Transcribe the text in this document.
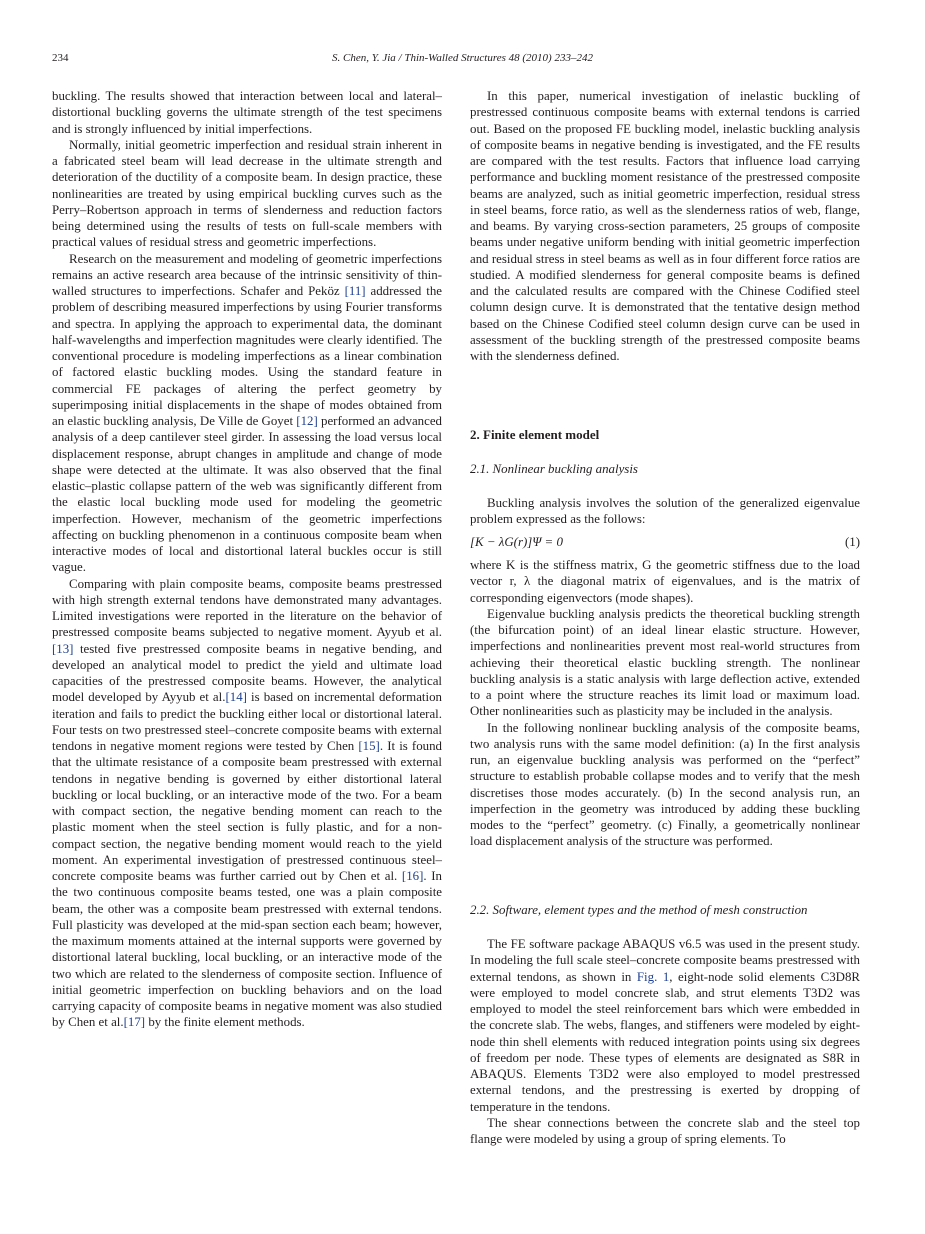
234	S. Chen, Y. Jia / Thin-Walled Structures 48 (2010) 233–242

buckling. The results showed that interaction between local and lateral–distortional buckling governs the ultimate strength of the test specimens and is strongly influenced by initial imperfections.

Normally, initial geometric imperfection and residual strain inherent in a fabricated steel beam will lead decrease in the ultimate strength and deterioration of the ductility of a composite beam. In design practice, these nonlinearities are treated by using empirical buckling curves such as the Perry–Robertson approach in terms of slenderness and reduction factors being determined using the results of tests on full-scale members with practical values of residual stress and geometric imperfections.

Research on the measurement and modeling of geometric imperfections remains an active research area because of the intrinsic sensitivity of thin-walled structures to imperfections. Schafer and Peköz [11] addressed the problem of describing measured imperfections by using Fourier transforms and spectra. In applying the approach to experimental data, the dominant half-wavelengths and imperfection magnitudes were clearly identified. The conventional procedure is modeling imperfections as a linear combination of factored elastic buckling modes. Using the standard feature in commercial FE packages of altering the perfect geometry by superimposing initial displacements in the shape of modes obtained from an elastic buckling analysis, De Ville de Goyet [12] performed an advanced analysis of a deep cantilever steel girder. In assessing the load versus local displacement response, abrupt changes in amplitude and change of mode shape were detected at the ultimate. It was also observed that the final elastic–plastic collapse pattern of the web was significantly different from the elastic local buckling mode used for modeling the geometric imperfection. However, mechanism of the geometric imperfections affecting on buckling phenomenon in a continuous composite beam when interactive modes of local and distortional lateral buckles occur is still vague.

Comparing with plain composite beams, composite beams prestressed with high strength external tendons have demonstrated many advantages. Limited investigations were reported in the literature on the behavior of prestressed composite beams subjected to negative moment. Ayyub et al.[13] tested five prestressed composite beams in negative bending, and developed an analytical model to predict the yield and ultimate load capacities of the prestressed composite beams. However, the analytical model developed by Ayyub et al.[14] is based on incremental deformation iteration and fails to predict the buckling either local or distortional lateral. Four tests on two prestressed steel–concrete composite beams with external tendons in negative moment regions were tested by Chen [15]. It is found that the ultimate resistance of a composite beam prestressed with external tendons in negative bending is governed by either distortional lateral buckling or local buckling, or an interactive mode of the two. For a beam with compact section, the negative bending moment can reach to the plastic moment when the steel section is fully plastic, and for a non-compact section, the negative bending moment would reach to the yield moment. An experimental investigation of prestressed continuous steel–concrete composite beams was further carried out by Chen et al. [16]. In the two continuous composite beams tested, one was a plain composite beam, the other was a composite beam prestressed with external tendons. Full plasticity was developed at the mid-span section each beam; however, the maximum moments attained at the internal supports were governed by distortional lateral buckling, local buckling, or an interactive mode of the two which are related to the slenderness of composite section. Influence of initial geometric imperfection on buckling behaviors and on the load carrying capacity of composite beams in negative moment was also studied by Chen et al.[17] by the finite element methods.

In this paper, numerical investigation of inelastic buckling of prestressed continuous composite beams with external tendons is carried out. Based on the proposed FE buckling model, inelastic buckling analysis of composite beams in negative bending is investigated, and the FE results are compared with the test results. Factors that influence load carrying performance and buckling moment resistance of the prestressed composite beams are analyzed, such as initial geometric imperfection, residual stress in steel beams, force ratio, as well as the slenderness ratios of web, flange, and beams. By varying cross-section parameters, 25 groups of composite beams under negative uniform bending with initial geometric imperfection and residual stress in steel beams as well as in four different force ratios are studied. A modified slenderness for general composite beams is defined and the calculated results are compared with the Chinese Codified steel column design curve. It is demonstrated that the tentative design method based on the Chinese Codified steel column design curve can be used in assessment of the buckling strength of the prestressed composite beams with the slenderness defined.

2. Finite element model
2.1. Nonlinear buckling analysis

Buckling analysis involves the solution of the generalized eigenvalue problem expressed as the follows:

[K − λG(r)]Ψ = 0	(1)

where K is the stiffness matrix, G the geometric stiffness due to the load vector r, λ the diagonal matrix of eigenvalues, and is the matrix of corresponding eigenvectors (mode shapes).

Eigenvalue buckling analysis predicts the theoretical buckling strength (the bifurcation point) of an ideal linear elastic structure. However, imperfections and nonlinearities prevent most real-world structures from achieving their theoretical elastic buckling strength. The nonlinear buckling analysis is a static analysis with large deflection active, extended to a point where the structure reaches its limit load or maximum load. Other nonlinearities such as plasticity may be included in the analysis.

In the following nonlinear buckling analysis of the composite beams, two analysis runs with the same model definition: (a) In the first analysis run, an eigenvalue buckling analysis was performed on the “perfect” structure to establish probable collapse modes and to verify that the mesh discretises those modes accurately. (b) In the second analysis run, an imperfection in the geometry was introduced by adding these buckling modes to the “perfect” geometry. (c) Finally, a geometrically nonlinear load displacement analysis of the structure was performed.

2.2. Software, element types and the method of mesh construction

The FE software package ABAQUS v6.5 was used in the present study. In modeling the full scale steel–concrete composite beams prestressed with external tendons, as shown in Fig. 1, eight-node solid elements C3D8R were employed to model concrete slab, and strut elements T3D2 was employed to model the steel reinforcement bars which were embedded in the concrete slab. The webs, flanges, and stiffeners were modeled by eight-node thin shell elements with reduced integration points using six degrees of freedom per node. These types of elements are designated as S8R in ABAQUS. Elements T3D2 were also employed to model prestressed external tendons, and the prestressing is exerted by dropping of temperature in the tendons.

The shear connections between the concrete slab and the steel top flange were modeled by using a group of spring elements. To
